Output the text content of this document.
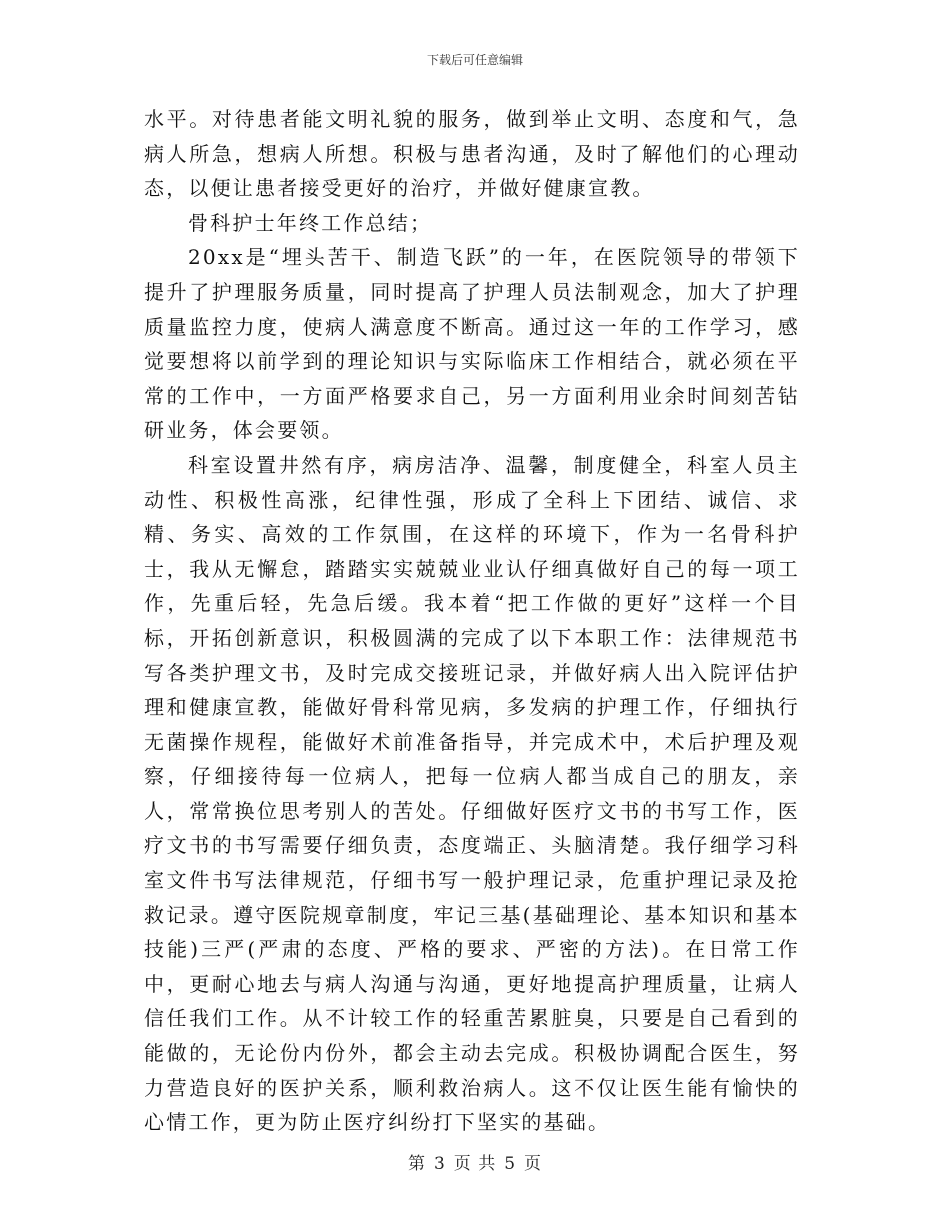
下载后可任意编辑

水平。对待患者能文明礼貌的服务，做到举止文明、态度和气，急病人所急，想病人所想。积极与患者沟通，及时了解他们的心理动态，以便让患者接受更好的治疗，并做好健康宣教。

骨科护士年终工作总结；

20xx是“埋头苦干、制造飞跃”的一年，在医院领导的带领下提升了护理服务质量，同时提高了护理人员法制观念，加大了护理质量监控力度，使病人满意度不断高。通过这一年的工作学习，感觉要想将以前学到的理论知识与实际临床工作相结合，就必须在平常的工作中，一方面严格要求自己，另一方面利用业余时间刻苦钻研业务，体会要领。

科室设置井然有序，病房洁净、温馨，制度健全，科室人员主动性、积极性高涨，纪律性强，形成了全科上下团结、诚信、求精、务实、高效的工作氛围，在这样的环境下，作为一名骨科护士，我从无懈怠，踏踏实实兢兢业业认仔细真做好自己的每一项工作，先重后轻，先急后缓。我本着“把工作做的更好”这样一个目标，开拓创新意识，积极圆满的完成了以下本职工作：法律规范书写各类护理文书，及时完成交接班记录，并做好病人出入院评估护理和健康宣教，能做好骨科常见病，多发病的护理工作，仔细执行无菌操作规程，能做好术前准备指导，并完成术中，术后护理及观察，仔细接待每一位病人，把每一位病人都当成自己的朋友，亲人，常常换位思考别人的苦处。仔细做好医疗文书的书写工作，医疗文书的书写需要仔细负责，态度端正、头脑清楚。我仔细学习科室文件书写法律规范，仔细书写一般护理记录，危重护理记录及抢救记录。遵守医院规章制度，牢记三基(基础理论、基本知识和基本技能)三严(严肃的态度、严格的要求、严密的方法)。在日常工作中，更耐心地去与病人沟通与沟通，更好地提高护理质量，让病人信任我们工作。从不计较工作的轻重苦累脏臭，只要是自己看到的能做的，无论份内份外，都会主动去完成。积极协调配合医生，努力营造良好的医护关系，顺利救治病人。这不仅让医生能有愉快的心情工作，更为防止医疗纠纷打下坚实的基础。

第 3 页 共 5 页
